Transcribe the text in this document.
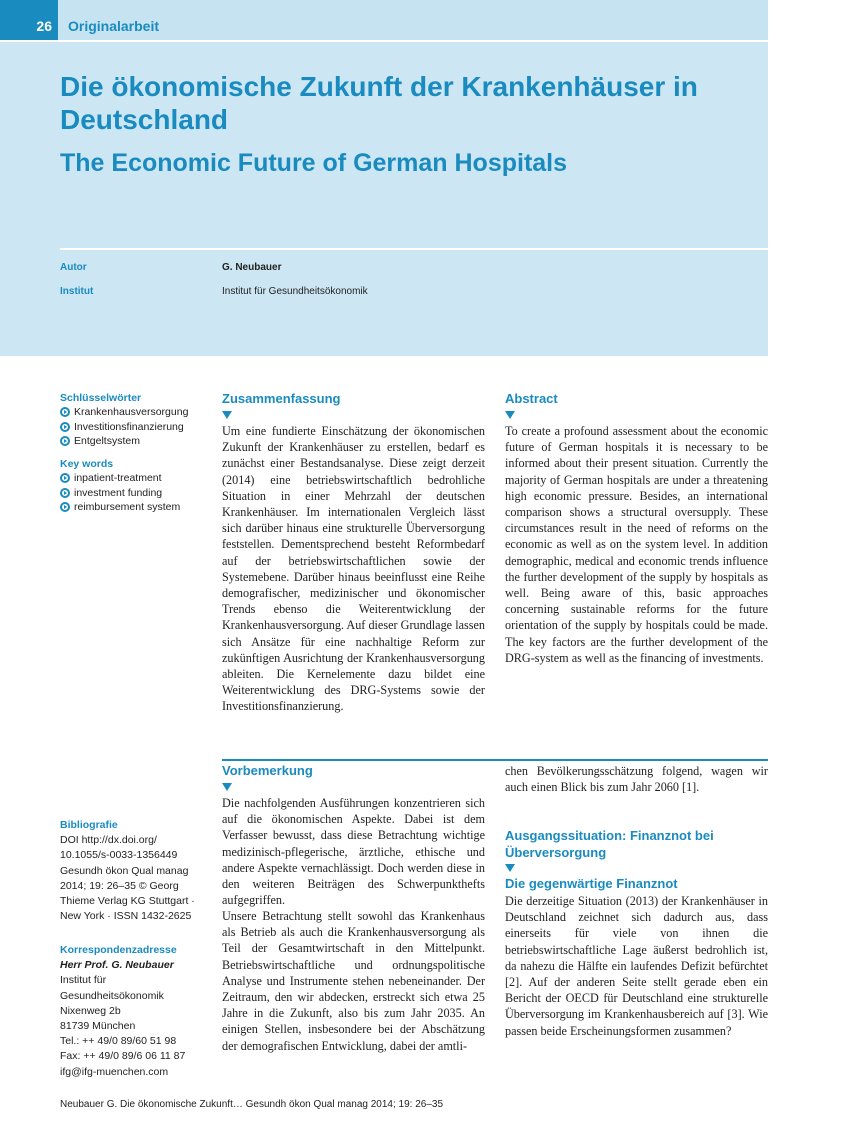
26	Originalarbeit
Die ökonomische Zukunft der Krankenhäuser in Deutschland
The Economic Future of German Hospitals
Autor	G. Neubauer
Institut	Institut für Gesundheitsökonomik
Schlüsselwörter
Krankenhausversorgung
Investitionsfinanzierung
Entgeltsystem
Key words
inpatient-treatment
investment funding
reimbursement system
Bibliografie
DOI http://dx.doi.org/
10.1055/s-0033-1356449
Gesundh ökon Qual manag
2014; 19: 26–35 © Georg
Thieme Verlag KG Stuttgart ·
New York · ISSN 1432-2625
Korrespondenzadresse
Herr Prof. G. Neubauer
Institut für
Gesundheitsökonomik
Nixenweg 2b
81739 München
Tel.: ++ 49/0 89/60 51 98
Fax: ++ 49/0 89/6 06 11 87
ifg@ifg-muenchen.com
Zusammenfassung

Um eine fundierte Einschätzung der ökonomischen Zukunft der Krankenhäuser zu erstellen, bedarf es zunächst einer Bestandsanalyse. Diese zeigt derzeit (2014) eine betriebswirtschaftlich bedrohliche Situation in einer Mehrzahl der deutschen Krankenhäuser. Im internationalen Vergleich lässt sich darüber hinaus eine strukturelle Überversorgung feststellen. Dementsprechend besteht Reformbedarf auf der betriebswirtschaftlichen sowie der Systemebene. Darüber hinaus beeinflusst eine Reihe demografischer, medizinischer und ökonomischer Trends ebenso die Weiterentwicklung der Krankenhausversorgung. Auf dieser Grundlage lassen sich Ansätze für eine nachhaltige Reform zur zukünftigen Ausrichtung der Krankenhausversorgung ableiten. Die Kernelemente dazu bildet eine Weiterentwicklung des DRG-Systems sowie der Investitionsfinanzierung.

Abstract

To create a profound assessment about the economic future of German hospitals it is necessary to be informed about their present situation. Currently the majority of German hospitals are under a threatening high economic pressure. Besides, an international comparison shows a structural oversupply. These circumstances result in the need of reforms on the economic as well as on the system level. In addition demographic, medical and economic trends influence the further development of the supply by hospitals as well. Being aware of this, basic approaches concerning sustainable reforms for the future orientation of the supply by hospitals could be made. The key factors are the further development of the DRG-system as well as the financing of investments.

Vorbemerkung

Die nachfolgenden Ausführungen konzentrieren sich auf die ökonomischen Aspekte. Dabei ist dem Verfasser bewusst, dass diese Betrachtung wichtige medizinisch-pflegerische, ärztliche, ethische und andere Aspekte vernachlässigt. Doch werden diese in den weiteren Beiträgen des Schwerpunkthefts aufgegriffen.

Unsere Betrachtung stellt sowohl das Krankenhaus als Betrieb als auch die Krankenhausversorgung als Teil der Gesamtwirtschaft in den Mittelpunkt. Betriebswirtschaftliche und ordnungspolitische Analyse und Instrumente stehen nebeneinander. Der Zeitraum, den wir abdecken, erstreckt sich etwa 25 Jahre in die Zukunft, also bis zum Jahr 2035. An einigen Stellen, insbesondere bei der Abschätzung der demografischen Entwicklung, dabei der amtli-

chen Bevölkerungsschätzung folgend, wagen wir auch einen Blick bis zum Jahr 2060 [1].

Ausgangssituation: Finanznot bei Überversorgung
Die gegenwärtige Finanznot

Die derzeitige Situation (2013) der Krankenhäuser in Deutschland zeichnet sich dadurch aus, dass einerseits für viele von ihnen die betriebswirtschaftliche Lage äußerst bedrohlich ist, da nahezu die Hälfte ein laufendes Defizit befürchtet [2]. Auf der anderen Seite stellt gerade eben ein Bericht der OECD für Deutschland eine strukturelle Überversorgung im Krankenhausbereich auf [3]. Wie passen beide Erscheinungsformen zusammen?

Neubauer G. Die ökonomische Zukunft… Gesundh ökon Qual manag 2014; 19: 26–35
